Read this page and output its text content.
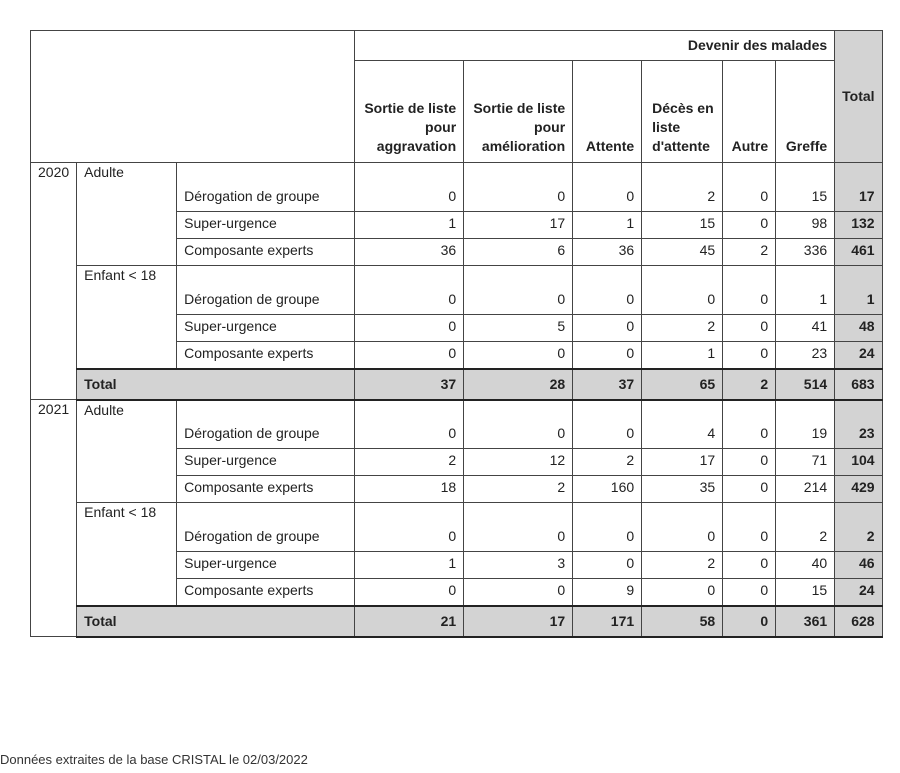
			Devenir des malades						Total
			Sortie de liste pour aggravation	Sortie de liste pour amélioration	Attente	Décès en liste d'attente	Autre	Greffe	
2020	Adulte	Dérogation de groupe	0	0	0	2	0	15	17
		Super-urgence	1	17	1	15	0	98	132
		Composante experts	36	6	36	45	2	336	461
	Enfant < 18	Dérogation de groupe	0	0	0	0	0	1	1
		Super-urgence	0	5	0	2	0	41	48
		Composante experts	0	0	0	1	0	23	24
	Total		37	28	37	65	2	514	683
2021	Adulte	Dérogation de groupe	0	0	0	4	0	19	23
		Super-urgence	2	12	2	17	0	71	104
		Composante experts	18	2	160	35	0	214	429
	Enfant < 18	Dérogation de groupe	0	0	0	0	0	2	2
		Super-urgence	1	3	0	2	0	40	46
		Composante experts	0	0	9	0	0	15	24
	Total		21	17	171	58	0	361	628
Données extraites de la base CRISTAL le 02/03/2022
